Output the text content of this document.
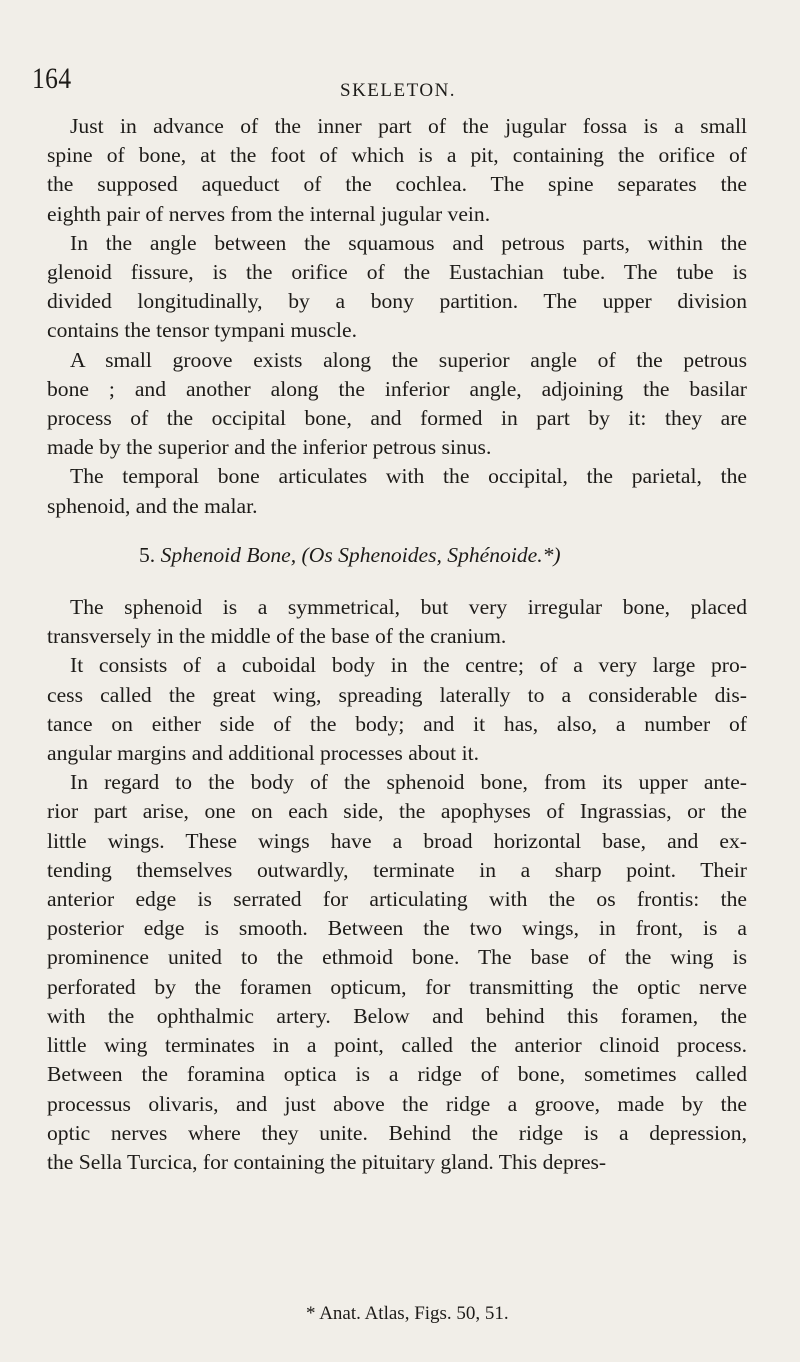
164	SKELETON.

Just in advance of the inner part of the jugular fossa is a small
spine of bone, at the foot of which is a pit, containing the orifice of
the supposed aqueduct of the cochlea. The spine separates the
eighth pair of nerves from the internal jugular vein.

In the angle between the squamous and petrous parts, within the
glenoid fissure, is the orifice of the Eustachian tube. The tube is
divided longitudinally, by a bony partition. The upper division
contains the tensor tympani muscle.

A small groove exists along the superior angle of the petrous
bone ; and another along the inferior angle, adjoining the basilar
process of the occipital bone, and formed in part by it: they are
made by the superior and the inferior petrous sinus.

The temporal bone articulates with the occipital, the parietal, the
sphenoid, and the malar.

5. Sphenoid Bone, (Os Sphenoides, Sphénoide.*)

The sphenoid is a symmetrical, but very irregular bone, placed
transversely in the middle of the base of the cranium.

It consists of a cuboidal body in the centre; of a very large pro-
cess called the great wing, spreading laterally to a considerable dis-
tance on either side of the body; and it has, also, a number of
angular margins and additional processes about it.

In regard to the body of the sphenoid bone, from its upper ante-
rior part arise, one on each side, the apophyses of Ingrassias, or the
little wings. These wings have a broad horizontal base, and ex-
tending themselves outwardly, terminate in a sharp point. Their
anterior edge is serrated for articulating with the os frontis: the
posterior edge is smooth. Between the two wings, in front, is a
prominence united to the ethmoid bone. The base of the wing is
perforated by the foramen opticum, for transmitting the optic nerve
with the ophthalmic artery. Below and behind this foramen, the
little wing terminates in a point, called the anterior clinoid process.
Between the foramina optica is a ridge of bone, sometimes called
processus olivaris, and just above the ridge a groove, made by the
optic nerves where they unite. Behind the ridge is a depression,
the Sella Turcica, for containing the pituitary gland. This depres-

* Anat. Atlas, Figs. 50, 51.
